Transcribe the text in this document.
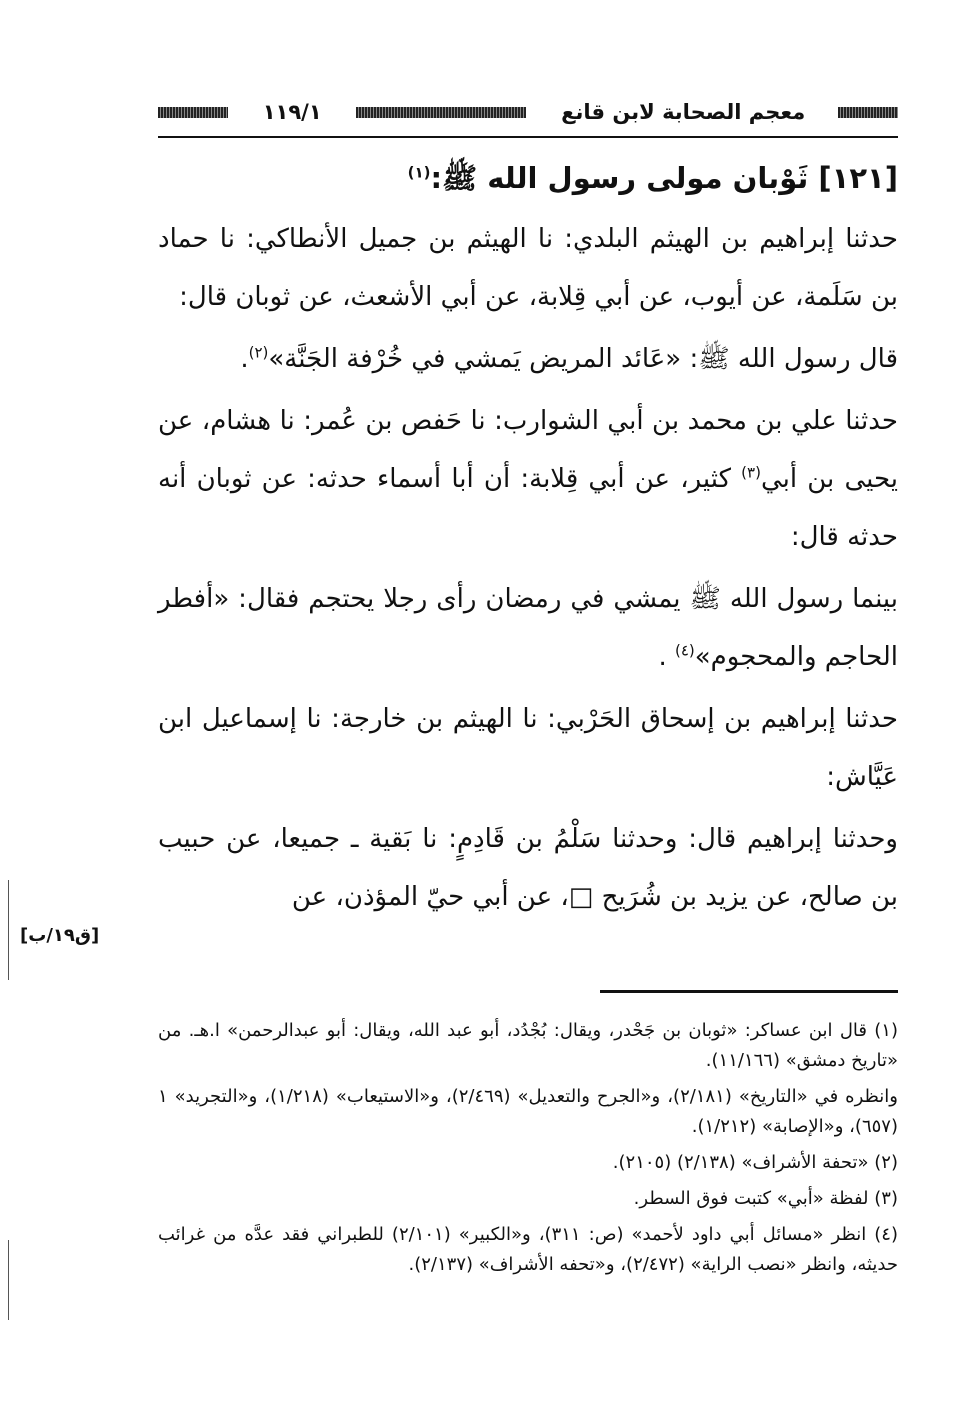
معجم الصحابة لابن قانع
١١٩/١

[١٢١] ثَوْبان مولى رسول الله ﷺ:$^{(١)}$

حدثنا إبراهيم بن الهيثم البلدي: نا الهيثم بن جميل الأنطاكي: نا حماد بن سَلَمة، عن أيوب، عن أبي قِلابة، عن أبي الأشعث، عن ثوبان قال:

قال رسول الله ﷺ: «عَائد المريض يَمشي في خُرْفة الجَنَّة»$^{(٢)}$.

حدثنا علي بن محمد بن أبي الشوارب: نا حَفص بن عُمر: نا هشام، عن يحيى بن أبي$^{(٣)}$ كثير، عن أبي قِلابة: أن أبا أسماء حدثه: عن ثوبان أنه حدثه قال:

بينما رسول الله ﷺ يمشي في رمضان رأى رجلا يحتجم فقال: «أفطر الحاجم والمحجوم»$^{(٤)}$ .

حدثنا إبراهيم بن إسحاق الحَرْبي: نا الهيثم بن خارجة: نا إسماعيل ابن عَيَّاش:

وحدثنا إبراهيم قال: وحدثنا سَلْمُ بن قَادِمٍ: نا بَقية ـ جميعا، عن حبيب بن صالح، عن يزيد بن شُرَيح □، عن أبي حيّ المؤذن، عن

[ق١٩/ب]

(١) قال ابن عساكر: «ثوبان بن جَحْدر، ويقال: بُجْدُد، أبو عبد الله، ويقال: أبو عبدالرحمن» ا.هـ. من «تاريخ دمشق» (١١/١٦٦).

وانظره في «التاريخ» (٢/١٨١)، و«الجرح والتعديل» (٢/٤٦٩)، و«الاستيعاب» (١/٢١٨)، و«التجريد» ١ (٦٥٧)، و«الإصابة» (١/٢١٢).

(٢) «تحفة الأشراف» (٢/١٣٨) (٢١٠٥).

(٣) لفظة «أبي» كتبت فوق السطر.

(٤) انظر «مسائل أبي داود لأحمد» (ص: ٣١١)، و«الكبير» (٢/١٠١) للطبراني فقد عدَّه من غرائب حديثه، وانظر «نصب الراية» (٢/٤٧٢)، و«تحفه الأشراف» (٢/١٣٧).
